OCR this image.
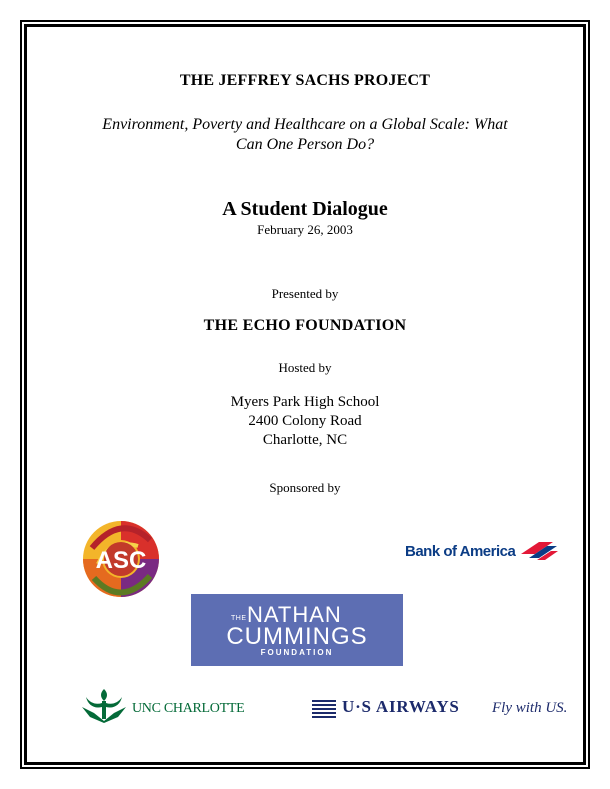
THE JEFFREY SACHS PROJECT
Environment, Poverty and Healthcare on a Global Scale: What
Can One Person Do?
A Student Dialogue
February 26, 2003
Presented by
THE ECHO FOUNDATION
Hosted by
Myers Park High School
2400 Colony Road
Charlotte, NC
Sponsored by
ASC	Bank of America
THE NATHAN
CUMMINGS
FOUNDATION
UNC CHARLOTTE	U·S AIRWAYS Fly with US.
